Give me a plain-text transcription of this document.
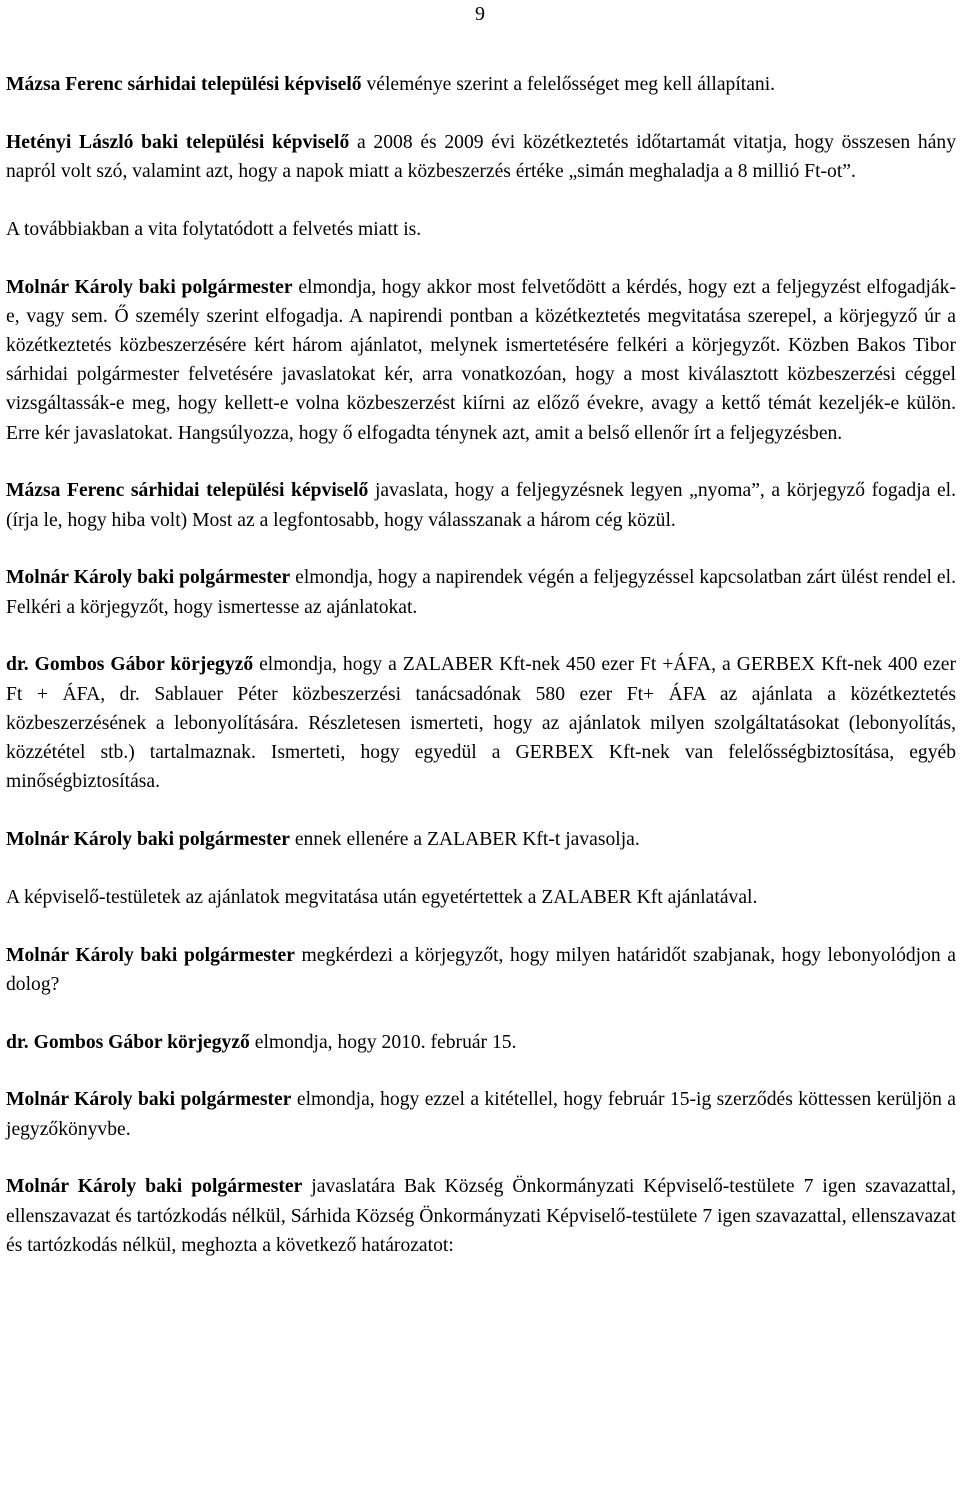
9

Mázsa Ferenc sárhidai települési képviselő véleménye szerint a felelősséget meg kell állapítani.

Hetényi László baki települési képviselő a 2008 és 2009 évi közétkeztetés időtartamát vitatja, hogy összesen hány napról volt szó, valamint azt, hogy a napok miatt a közbeszerzés értéke „simán meghaladja a 8 millió Ft-ot”.

A továbbiakban a vita folytatódott a felvetés miatt is.

Molnár Károly baki polgármester elmondja, hogy akkor most felvetődött a kérdés, hogy ezt a feljegyzést elfogadják-e, vagy sem. Ő személy szerint elfogadja. A napirendi pontban a közétkeztetés megvitatása szerepel, a körjegyző úr a közétkeztetés közbeszerzésére kért három ajánlatot, melynek ismertetésére felkéri a körjegyzőt. Közben Bakos Tibor sárhidai polgármester felvetésére javaslatokat kér, arra vonatkozóan, hogy a most kiválasztott közbeszerzési céggel vizsgáltassák-e meg, hogy kellett-e volna közbeszerzést kiírni az előző évekre, avagy a kettő témát kezeljék-e külön. Erre kér javaslatokat. Hangsúlyozza, hogy ő elfogadta ténynek azt, amit a belső ellenőr írt a feljegyzésben.

Mázsa Ferenc sárhidai települési képviselő javaslata, hogy a feljegyzésnek legyen „nyoma”, a körjegyző fogadja el. (írja le, hogy hiba volt) Most az a legfontosabb, hogy válasszanak a három cég közül.

Molnár Károly baki polgármester elmondja, hogy a napirendek végén a feljegyzéssel kapcsolatban zárt ülést rendel el. Felkéri a körjegyzőt, hogy ismertesse az ajánlatokat.

dr. Gombos Gábor körjegyző elmondja, hogy a ZALABER Kft-nek 450 ezer Ft +ÁFA, a GERBEX Kft-nek 400 ezer Ft + ÁFA, dr. Sablauer Péter közbeszerzési tanácsadónak 580 ezer Ft+ ÁFA az ajánlata a közétkeztetés közbeszerzésének a lebonyolítására. Részletesen ismerteti, hogy az ajánlatok milyen szolgáltatásokat (lebonyolítás, közzététel stb.) tartalmaznak. Ismerteti, hogy egyedül a GERBEX Kft-nek van felelősségbiztosítása, egyéb minőségbiztosítása.

Molnár Károly baki polgármester ennek ellenére a ZALABER Kft-t javasolja.

A képviselő-testületek az ajánlatok megvitatása után egyetértettek a ZALABER Kft ajánlatával.

Molnár Károly baki polgármester megkérdezi a körjegyzőt, hogy milyen határidőt szabjanak, hogy lebonyolódjon a dolog?

dr. Gombos Gábor körjegyző elmondja, hogy 2010. február 15.

Molnár Károly baki polgármester elmondja, hogy ezzel a kitétellel, hogy február 15-ig szerződés köttessen kerüljön a jegyzőkönyvbe.

Molnár Károly baki polgármester javaslatára Bak Község Önkormányzati Képviselő-testülete 7 igen szavazattal, ellenszavazat és tartózkodás nélkül, Sárhida Község Önkormányzati Képviselő-testülete 7 igen szavazattal, ellenszavazat és tartózkodás nélkül, meghozta a következő határozatot:
